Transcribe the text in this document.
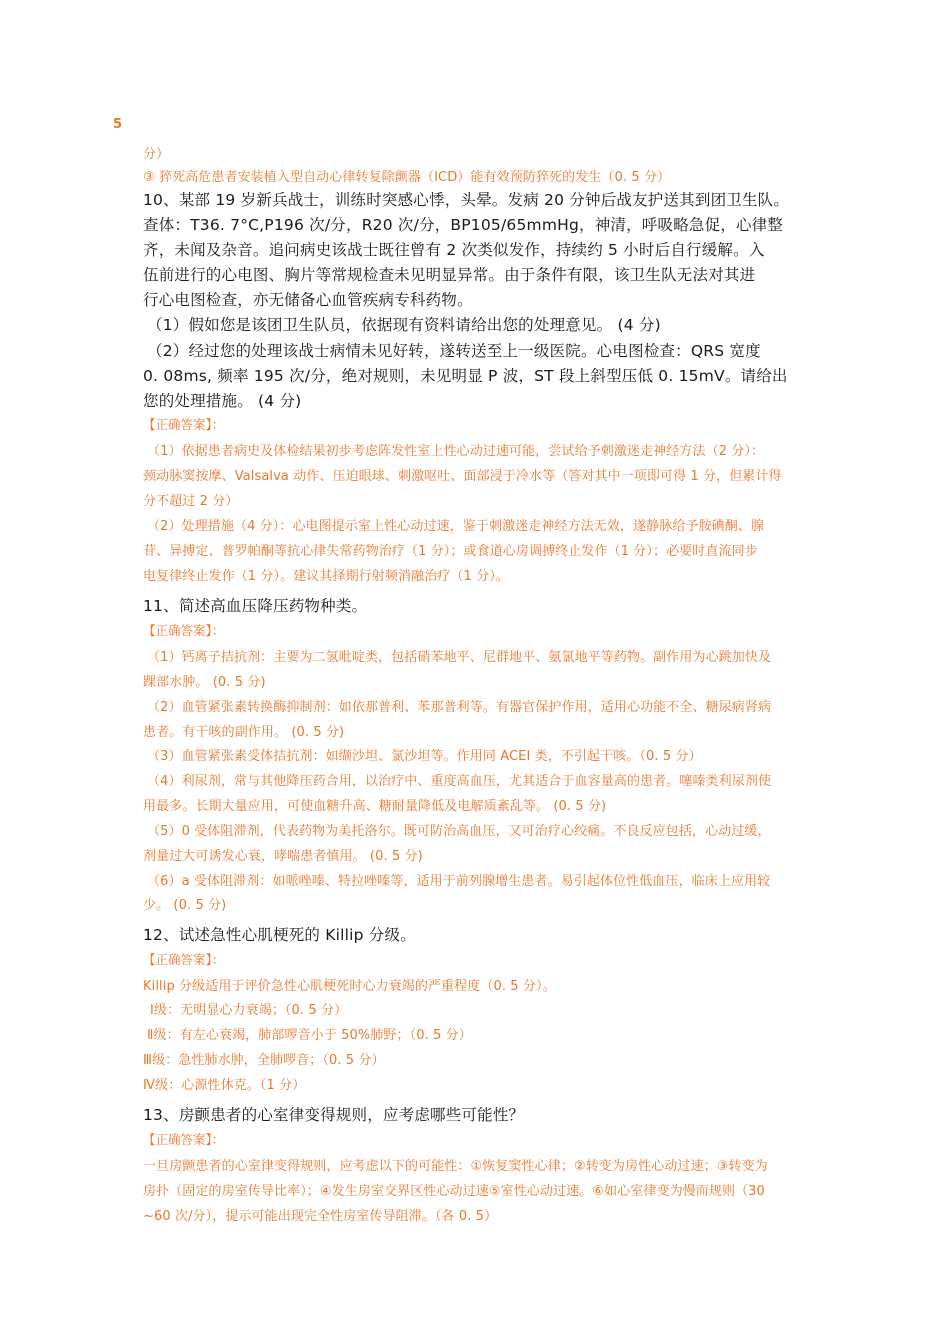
5
分）
③ 猝死高危患者安装植入型自动心律转复除颤器（ICD）能有效预防猝死的发生（0. 5 分）
10、某部 19 岁新兵战士，训练时突感心悸，头晕。发病 20 分钟后战友护送其到团卫生队。
查体：T36. 7°C,P196 次/分，R20 次/分，BP105/65mmHg，神清，呼吸略急促，心律整
齐，未闻及杂音。追问病史该战士既往曾有 2 次类似发作，持续约 5 小时后自行缓解。入
伍前进行的心电图、胸片等常规检查未见明显异常。由于条件有限，该卫生队无法对其进
行心电图检查，亦无储备心血管疾病专科药物。
（1）假如您是该团卫生队员，依据现有资料请给出您的处理意见。 (4 分)
（2）经过您的处理该战士病情未见好转，遂转送至上一级医院。心电图检查：QRS 宽度
0. 08ms, 频率 195 次/分，绝对规则，未见明显 P 波，ST 段上斜型压低 0. 15mV。请给出
您的处理措施。 (4 分)
【正确答案】：
（1）依据患者病史及体检结果初步考虑阵发性室上性心动过速可能，尝试给予刺激迷走神经方法（2 分）：
颈动脉窦按摩、Valsalva 动作、压迫眼球、刺激呕吐、面部浸于冷水等（答对其中一项即可得 1 分，但累计得
分不超过 2 分）
（2）处理措施（4 分）：心电图提示室上性心动过速，鉴于刺激迷走神经方法无效，遂静脉给予胺碘酮、腺
苷、异搏定、普罗帕酮等抗心律失常药物治疗（1 分）；或食道心房调搏终止发作（1 分）；必要时直流同步
电复律终止发作（1 分）。建议其择期行射频消融治疗（1 分）。
11、简述高血压降压药物种类。
【正确答案】：
（1）钙离子拮抗剂：主要为二氢吡啶类，包括硝苯地平、尼群地平、氨氯地平等药物。副作用为心跳加快及
踝部水肿。 (0. 5 分)
（2）血管紧张素转换酶抑制剂：如依那普利、苯那普利等。有器官保护作用，适用心功能不全、糖尿病肾病
患者。有干咳的副作用。 (0. 5 分)
（3）血管紧张素受体拮抗剂：如缬沙坦、氯沙坦等。作用同 ACEI 类，不引起干咳。（0. 5 分）
（4）利尿剂，常与其他降压药合用，以治疗中、重度高血压，尤其适合于血容量高的患者。噻嗪类利尿剂使
用最多。长期大量应用，可使血糖升高、糖耐量降低及电解质紊乱等。 (0. 5 分)
（5）0 受体阻滞剂，代表药物为美托洛尔。既可防治高血压，又可治疗心绞痛。不良反应包括，心动过缓，
剂量过大可诱发心衰，哮喘患者慎用。 (0. 5 分)
（6）a 受体阻滞剂：如哌唑嗪、特拉唑嗪等，适用于前列腺增生患者。易引起体位性低血压，临床上应用较
少。 (0. 5 分)
12、试述急性心肌梗死的 Killip 分级。
【正确答案】：
Killip 分级适用于评价急性心肌梗死时心力衰竭的严重程度（0. 5 分）。
Ⅰ级：无明显心力衰竭；（0. 5 分）
Ⅱ级：有左心衰竭，肺部啰音小于 50%肺野；（0. 5 分）
Ⅲ级：急性肺水肿，全肺啰音；（0. 5 分）
Ⅳ级：心源性休克。（1 分）
13、房颤患者的心室律变得规则，应考虑哪些可能性？
【正确答案】：
一旦房颤患者的心室律变得规则，应考虑以下的可能性：①恢复窦性心律；②转变为房性心动过速；③转变为
房扑（固定的房室传导比率）；④发生房室交界区性心动过速⑤室性心动过速。⑥如心室律变为慢而规则（30
~60 次/分），提示可能出现完全性房室传导阻滞。（各 0. 5）
